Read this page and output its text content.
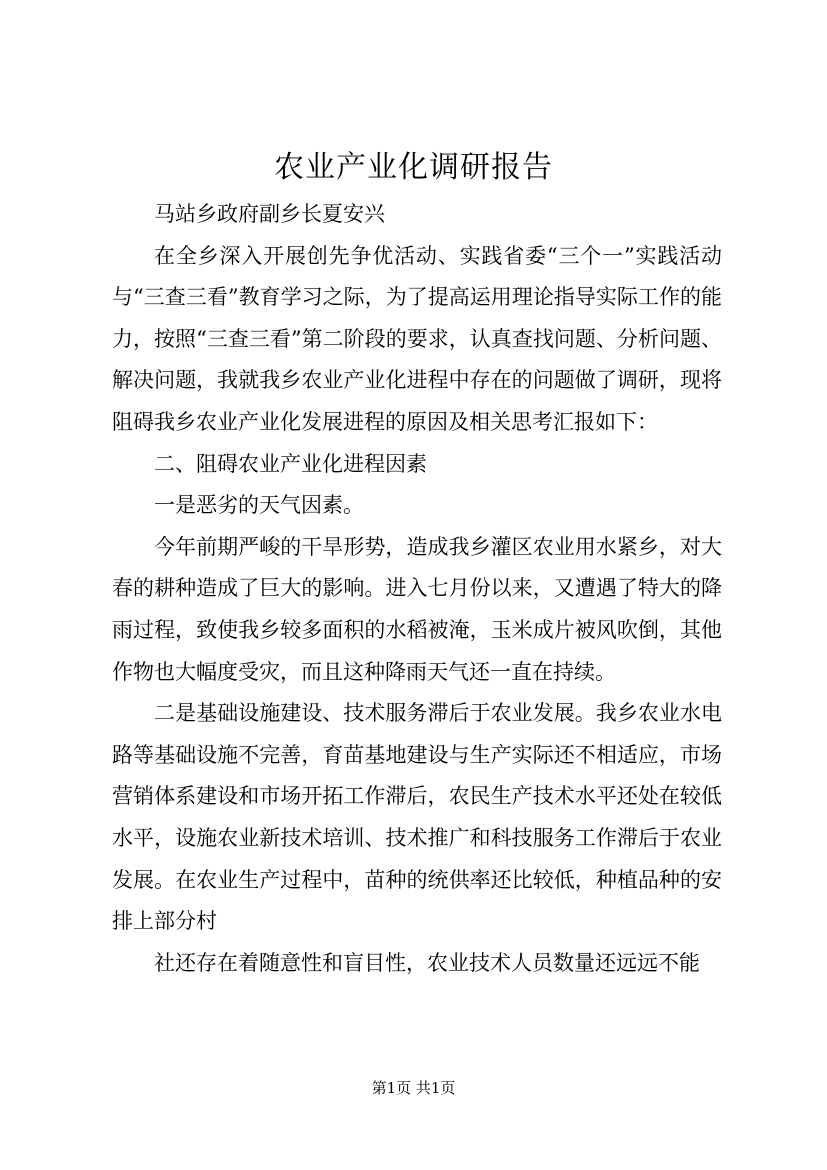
农业产业化调研报告

马站乡政府副乡长夏安兴

在全乡深入开展创先争优活动、实践省委“三个一”实践活动与“三查三看”教育学习之际，为了提高运用理论指导实际工作的能力，按照“三查三看”第二阶段的要求，认真查找问题、分析问题、解决问题，我就我乡农业产业化进程中存在的问题做了调研，现将阻碍我乡农业产业化发展进程的原因及相关思考汇报如下：

二、阻碍农业产业化进程因素

一是恶劣的天气因素。

今年前期严峻的干旱形势，造成我乡灌区农业用水紧乡，对大春的耕种造成了巨大的影响。进入七月份以来，又遭遇了特大的降雨过程，致使我乡较多面积的水稻被淹，玉米成片被风吹倒，其他作物也大幅度受灾，而且这种降雨天气还一直在持续。

二是基础设施建设、技术服务滞后于农业发展。我乡农业水电路等基础设施不完善，育苗基地建设与生产实际还不相适应，市场营销体系建设和市场开拓工作滞后，农民生产技术水平还处在较低水平，设施农业新技术培训、技术推广和科技服务工作滞后于农业发展。在农业生产过程中，苗种的统供率还比较低，种植品种的安排上部分村

社还存在着随意性和盲目性，农业技术人员数量还远远不能

第1页 共1页
